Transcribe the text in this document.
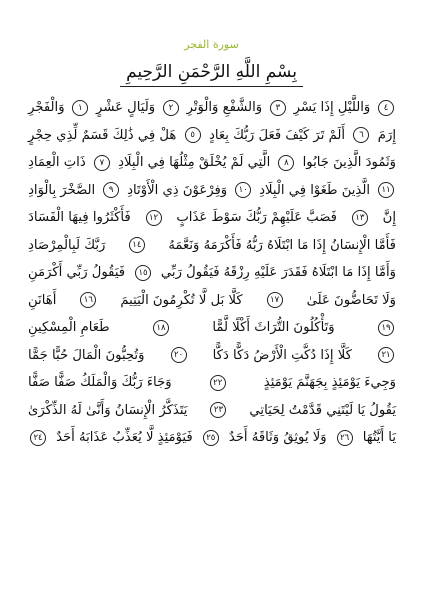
سورة الفجر
بِسْمِ اللَّهِ الرَّحْمَنِ الرَّحِيمِ
وَالْفَجْرِ	١	وَلَيَالٍ عَشْرٍ	٢	وَالشَّفْعِ وَالْوَتْرِ	٣	وَاللَّيْلِ إِذَا يَسْرِ	٤
هَلْ فِي ذَٰلِكَ قَسَمٌ لِّذِي حِجْرٍ	٥	أَلَمْ تَرَ كَيْفَ فَعَلَ رَبُّكَ بِعَادٍ	٦	إِرَمَ
ذَاتِ الْعِمَادِ	٧	الَّتِي لَمْ يُخْلَقْ مِثْلُهَا فِي الْبِلَادِ	٨	وَثَمُودَ الَّذِينَ جَابُوا
الصَّخْرَ بِالْوَادِ	٩	وَفِرْعَوْنَ ذِي الْأَوْتَادِ	١٠ الَّذِينَ طَغَوْا فِي الْبِلَادِ	١١
فَأَكْثَرُوا فِيهَا الْفَسَادَ	١٢ فَصَبَّ عَلَيْهِمْ رَبُّكَ سَوْطَ عَذَابٍ	١٣ إِنَّ
رَبَّكَ لَبِالْمِرْصَادِ	١٤ فَأَمَّا الْإِنسَانُ إِذَا مَا ابْتَلَاهُ رَبُّهُ فَأَكْرَمَهُ وَنَعَّمَهُ
فَيَقُولُ رَبِّي أَكْرَمَنِ	١٥ وَأَمَّا إِذَا مَا ابْتَلَاهُ فَقَدَرَ عَلَيْهِ رِزْقَهُ فَيَقُولُ رَبِّي
أَهَانَنِ	١٦ كَلَّا بَل لَّا تُكْرِمُونَ الْيَتِيمَ	١٧ وَلَا تَحَاضُّونَ عَلَىٰ
طَعَامِ الْمِسْكِينِ	١٨	وَتَأْكُلُونَ التُّرَاثَ أَكْلًا لَّمًّا	١٩
وَتُحِبُّونَ الْمَالَ حُبًّا جَمًّا	٢٠ كَلَّا إِذَا دُكَّتِ الْأَرْضُ دَكًّا دَكًّا	٢١
وَجَاءَ رَبُّكَ وَالْمَلَكُ صَفًّا صَفًّا	٢٢	وَجِيءَ يَوْمَئِذٍ بِجَهَنَّمَ يَوْمَئِذٍ
يَتَذَكَّرُ الْإِنسَانُ وَأَنَّىٰ لَهُ الذِّكْرَىٰ	٢٣ يَقُولُ يَا لَيْتَنِي قَدَّمْتُ لِحَيَاتِي
٢٤ فَيَوْمَئِذٍ لَّا يُعَذِّبُ عَذَابَهُ أَحَدٌ	٢٥ وَلَا يُوثِقُ وَثَاقَهُ أَحَدٌ	٢٦ يَا أَيَّتُهَا
